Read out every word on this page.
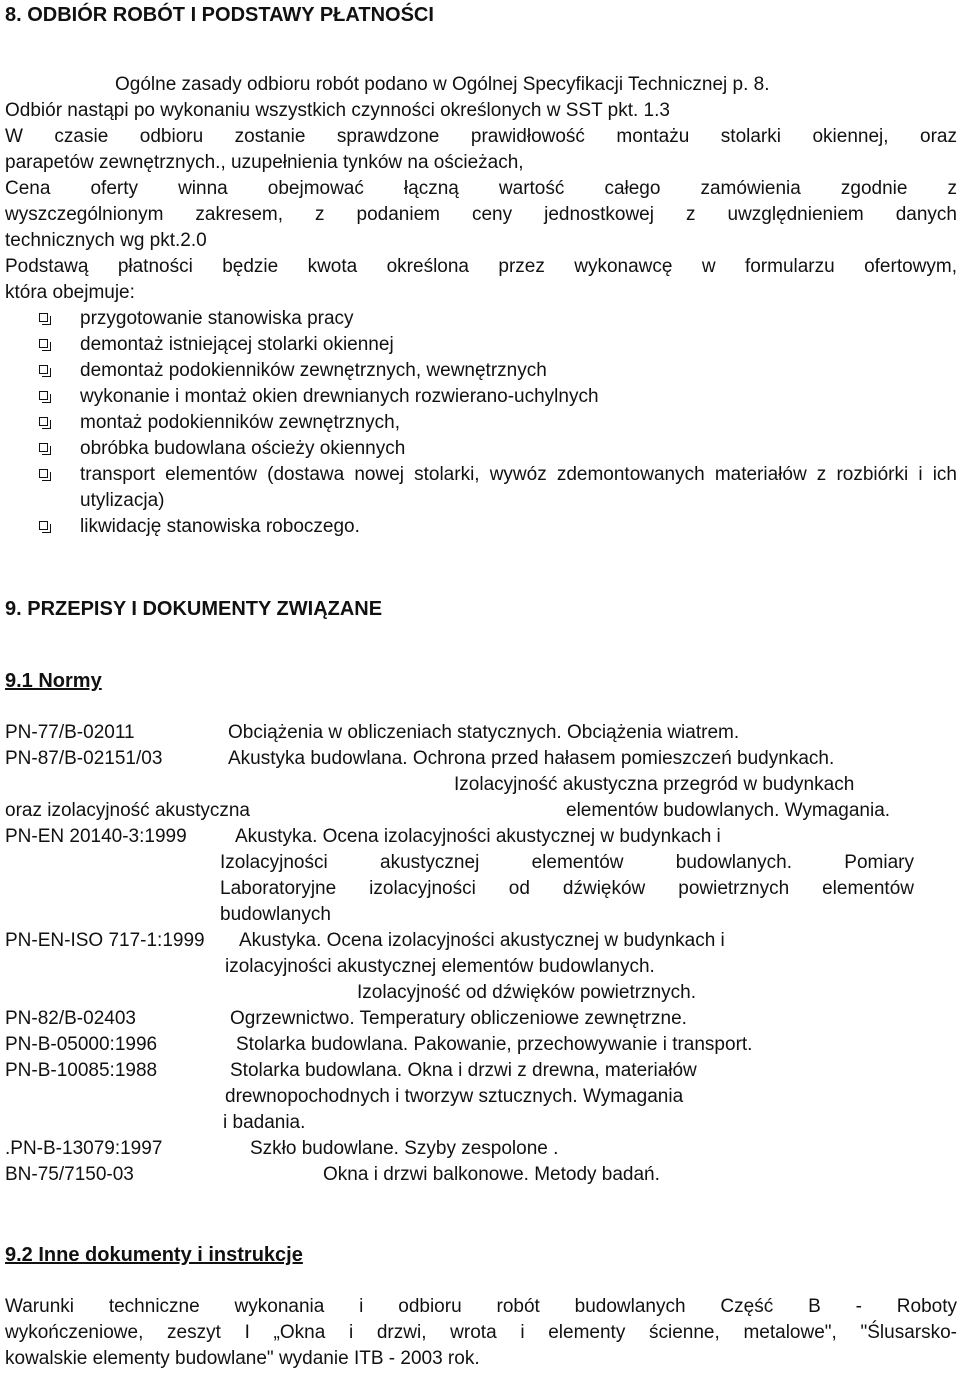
8. ODBIÓR ROBÓT I PODSTAWY PŁATNOŚCI
Ogólne zasady odbioru robót podano w Ogólnej Specyfikacji Technicznej p. 8.
Odbiór nastąpi po wykonaniu wszystkich czynności określonych w SST pkt. 1.3
W czasie odbioru zostanie sprawdzone prawidłowość montażu stolarki okiennej, oraz
parapetów zewnętrznych., uzupełnienia tynków na ościeżach,
Cena oferty winna obejmować łączną wartość całego zamówienia zgodnie z
wyszczególnionym zakresem, z podaniem ceny jednostkowej z uwzględnieniem danych
technicznych wg pkt.2.0
Podstawą płatności będzie kwota określona przez wykonawcę w formularzu ofertowym,
która obejmuje:
przygotowanie stanowiska pracy
demontaż istniejącej stolarki okiennej
demontaż podokienników zewnętrznych, wewnętrznych
wykonanie i montaż okien drewnianych rozwierano-uchylnych
montaż podokienników zewnętrznych,
obróbka budowlana ościeży okiennych
transport elementów (dostawa nowej stolarki, wywóz zdemontowanych materiałów z rozbiórki i ich utylizacja)
likwidację stanowiska roboczego.
9. PRZEPISY I DOKUMENTY ZWIĄZANE
9.1 Normy
PN-77/B-02011	Obciążenia w obliczeniach statycznych. Obciążenia wiatrem.
PN-87/B-02151/03	Akustyka budowlana. Ochrona przed hałasem pomieszczeń budynkach.
Izolacyjność akustyczna przegród w budynkach
oraz izolacyjność akustyczna	elementów budowlanych. Wymagania.
PN-EN 20140-3:1999	Akustyka. Ocena izolacyjności akustycznej w budynkach i
Izolacyjności akustycznej elementów budowlanych. Pomiary
Laboratoryjne izolacyjności od dźwięków powietrznych elementów
budowlanych
PN-EN-ISO 717-1:1999	Akustyka. Ocena izolacyjności akustycznej w budynkach i
izolacyjności akustycznej elementów budowlanych.
Izolacyjność od dźwięków powietrznych.
PN-82/B-02403	Ogrzewnictwo. Temperatury obliczeniowe zewnętrzne.
PN-B-05000:1996	Stolarka budowlana. Pakowanie, przechowywanie i transport.
PN-B-10085:1988	Stolarka budowlana. Okna i drzwi z drewna, materiałów
drewnopochodnych i tworzyw sztucznych. Wymagania
i badania.
.PN-B-13079:1997	Szkło budowlane. Szyby zespolone .
BN-75/7150-03	Okna i drzwi balkonowe. Metody badań.
9.2 Inne dokumenty i instrukcje
Warunki techniczne wykonania i odbioru robót budowlanych Część B - Roboty
wykończeniowe, zeszyt I „Okna i drzwi, wrota i elementy ścienne, metalowe", "Ślusarsko-
kowalskie elementy budowlane" wydanie ITB - 2003 rok.
